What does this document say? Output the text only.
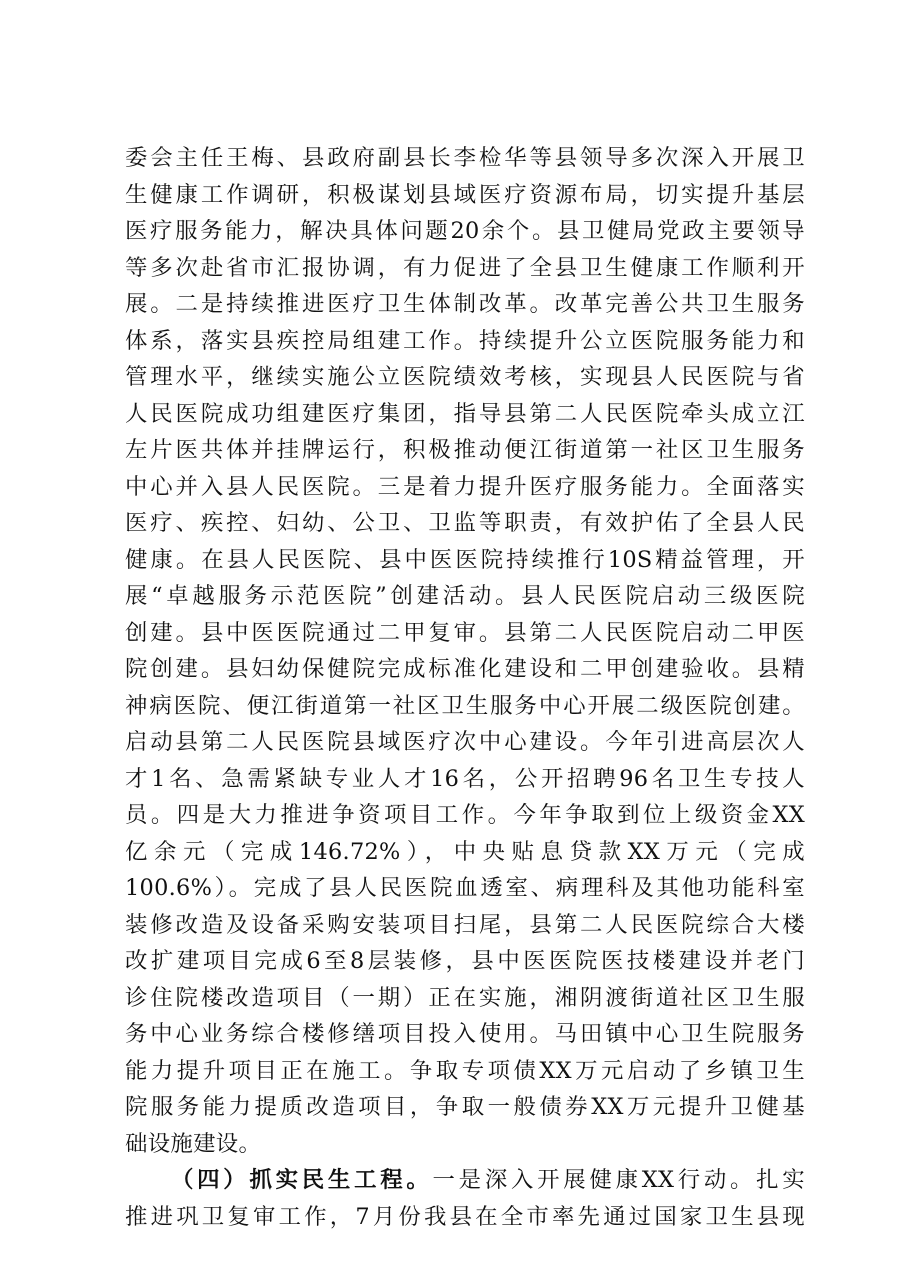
委会主任王梅、县政府副县长李检华等县领导多次深入开展卫
生健康工作调研，积极谋划县域医疗资源布局，切实提升基层
医疗服务能力，解决具体问题20余个。县卫健局党政主要领导
等多次赴省市汇报协调，有力促进了全县卫生健康工作顺利开
展。二是持续推进医疗卫生体制改革。改革完善公共卫生服务
体系，落实县疾控局组建工作。持续提升公立医院服务能力和
管理水平，继续实施公立医院绩效考核，实现县人民医院与省
人民医院成功组建医疗集团，指导县第二人民医院牵头成立江
左片医共体并挂牌运行，积极推动便江街道第一社区卫生服务
中心并入县人民医院。三是着力提升医疗服务能力。全面落实
医疗、疾控、妇幼、公卫、卫监等职责，有效护佑了全县人民
健康。在县人民医院、县中医医院持续推行10S精益管理，开
展“卓越服务示范医院”创建活动。县人民医院启动三级医院
创建。县中医医院通过二甲复审。县第二人民医院启动二甲医
院创建。县妇幼保健院完成标准化建设和二甲创建验收。县精
神病医院、便江街道第一社区卫生服务中心开展二级医院创建。
启动县第二人民医院县域医疗次中心建设。今年引进高层次人
才1名、急需紧缺专业人才16名，公开招聘96名卫生专技人
员。四是大力推进争资项目工作。今年争取到位上级资金XX
亿余元（完成146.72%），中央贴息贷款XX万元（完成
100.6%）。完成了县人民医院血透室、病理科及其他功能科室
装修改造及设备采购安装项目扫尾，县第二人民医院综合大楼
改扩建项目完成6至8层装修，县中医医院医技楼建设并老门
诊住院楼改造项目（一期）正在实施，湘阴渡街道社区卫生服
务中心业务综合楼修缮项目投入使用。马田镇中心卫生院服务
能力提升项目正在施工。争取专项债XX万元启动了乡镇卫生
院服务能力提质改造项目，争取一般债券XX万元提升卫健基
础设施建设。
（四）抓实民生工程。一是深入开展健康XX行动。扎实
推进巩卫复审工作，7月份我县在全市率先通过国家卫生县现
